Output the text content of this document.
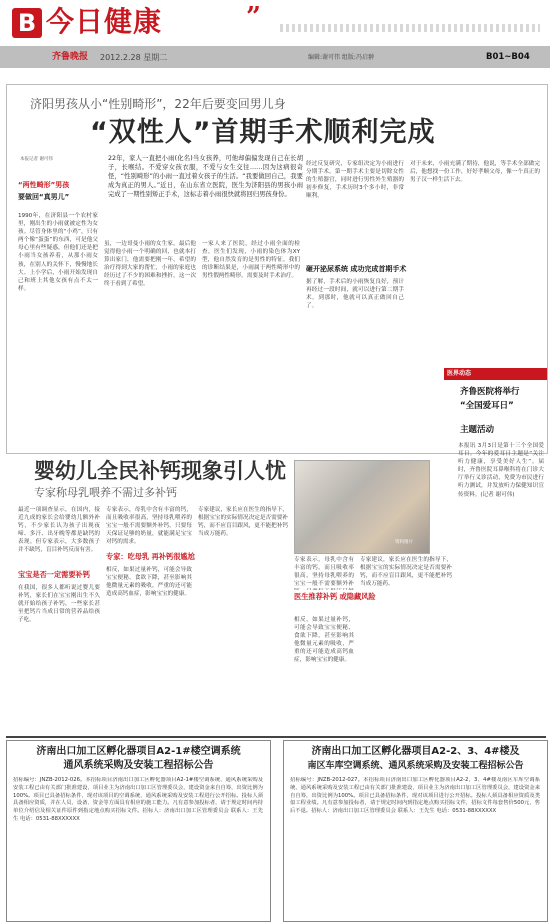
B 今日健康	”
齐鲁晚报 2012.2.28 星期二	编辑:谢可伟 组版:冯启翀	B01~B04
济阳男孩从小“性别畸形”，22年后要变回男儿身
“双性人”首期手术顺利完成
本报记者 谢可伟
“两性畸形”男孩
要做回“真男儿”
22年，家人一直把小雨(化名)当女孩养，可他却偏偏发现自己在长胡子，长喉结。不爱穿女孩衣服，不爱与女生交往……因为这病很奇怪，“性别畸形”的小雨一直过着女孩子的生活。“我要做回自己，我要成为真正的男人。”近日，在山东省立医院，医生为济阳县的男孩小雨完成了一期性别矫正手术，这标志着小雨很快就将回归男孩身份。
1990年，在济阳县一个农村家里，刚出生的小雨就被定性为女孩。尽管身体里的“小鸡”，只有两个像“蛋蛋”的东西，可是他父母心里有些疑惑，但他们还是把小雨当女孩养着，从那小雨女孩，在别人的关怀下，慢慢地长大。上小学后，小雨开始发现自己和班上其他女孩有点不太一样。
虽，一边哥曼小雨的女生家，最后他觉得他小雨一个明确的回，也就本打算出家门，他需要把刚一年，希望的治疗得到大家的帮忙，小雨的家庭也经历过了不少的困难和挫折，这一次终于看到了希望。
一家人来了医院，经过小雨全面的检查，医生们发现，小雨的染色体为XY型，他自然发育的是男性的特征。我们的诊断结果是，小雨属于两性畸形中的男性假两性畸形，需要及时手术治疗。
经过反复研究，专家组决定为小雨进行分期手术，第一期手术主要是切除女性的生殖器官，同时进行男性外生殖器的初步修复，手术历时3个多小时，非常顺利。
砸开泌尿系统 成功完成首期手术
据了解，手术后的小雨恢复良好，预计再经过一段时间，就可以进行第二期手术。到那时，他就可以真正做回自己了。
对于未来，小雨充满了期待，他说，等手术全部做完后，他想找一份工作，好好孝顺父母，像一个真正的男子汉一样生活下去。
医界动态
齐鲁医院将举行
“全国爱耳日”
主题活动
本报讯 3月3日是第十三个全国爱耳日。今年的爱耳日主题是“关注听力健康，享受美好人生”。届时，齐鲁医院耳鼻喉科将在门诊大厅举行义诊活动，免费为市民进行听力测试，并发放听力保健知识宣传资料。(记者 谢可伟)
婴幼儿全民补钙现象引人忧
专家称母乳喂养不需过多补钙
资料图片
最近一项调查显示，在国内，接近九成的家长会给婴幼儿额外补钙，不少家长认为孩子出现夜啼、多汗、出牙晚等都是缺钙的表现。但专家表示，大多数孩子并不缺钙，盲目补钙反而有害。
宝宝是否一定需要补钙
在我国，很多人都听说过婴儿要补钙，家长们在宝宝刚出生不久就开始给孩子补钙，一些家长甚至把钙片当成日常的营养品给孩子吃。
专家表示，母乳中含有丰富的钙，而且吸收率很高，坚持母乳喂养的宝宝一般不需要额外补钙，只要每天保证足够的奶量，就能满足宝宝对钙的需求。
专家：吃母乳 再补钙很尴尬
相反，如果过量补钙，可能会导致宝宝便秘、食欲下降，甚至影响其他微量元素的吸收，严重的还可能造成高钙血症，影响宝宝的健康。
专家建议，家长应在医生的指导下，根据宝宝的实际情况决定是否需要补钙，而不应盲目跟风，更不能把补钙当成万能药。
医生推荐补钙 或隐藏风险
专家表示，母乳中含有丰富的钙，而且吸收率很高，坚持母乳喂养的宝宝一般不需要额外补
相反，如果过量补钙，可能会导致宝宝便秘、食欲下降，甚至影响其他微量元素的吸收，严重的还可能造成高钙血症，影响宝宝的健康。
专家建议，家长应在医生的指导下，根据宝宝的实际情况决定是否需要补钙，而不应盲目跟风，更不能把补钙当成万能药。
济南出口加工区孵化器项目A2-1#楼空调系统
通风系统采购及安装工程招标公告
招标编号：JNZB-2012-026。本招标项目济南出口加工区孵化器项目A2-1#楼空调系统、通风系统采购及安装工程已由有关部门批准建设，项目业主为济南出口加工区管理委员会，建设资金来自自筹，出资比例为100%。项目已具备招标条件，现对该项目的空调系统、通风系统采购及安装工程进行公开招标。投标人须具备相应资质，并在人员、设备、资金等方面具有相应的施工能力。凡有意参加投标者，请于规定时间内持单位介绍信及相关证件原件到指定地点购买招标文件。招标人：济南出口加工区管理委员会 联系人：王先生 电话：0531-88XXXXXX
济南出口加工区孵化器项目A2-2、3、4#楼及
南区车库空调系统、通风系统采购及安装工程招标公告
招标编号：JNZB-2012-027。本招标项目济南出口加工区孵化器项目A2-2、3、4#楼及南区车库空调系统、通风系统采购及安装工程已由有关部门批准建设，项目业主为济南出口加工区管理委员会，建设资金来自自筹，出资比例为100%。项目已具备招标条件，现对该项目进行公开招标。投标人须具备相应资质及类似工程业绩。凡有意参加投标者，请于规定时间内到指定地点购买招标文件，招标文件每套售价500元，售后不退。招标人：济南出口加工区管理委员会 联系人：王先生 电话：0531-88XXXXXX
